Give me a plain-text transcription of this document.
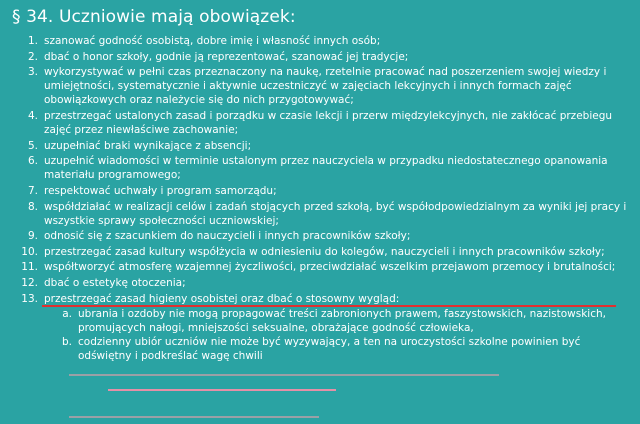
§ 34. Uczniowie mają obowiązek:
1. szanować godność osobistą, dobre imię i własność innych osób;
2. dbać o honor szkoły, godnie ją reprezentować, szanować jej tradycje;
3. wykorzystywać w pełni czas przeznaczony na naukę, rzetelnie pracować nad poszerzeniem swojej wiedzy i umiejętności, systematycznie i aktywnie uczestniczyć w zajęciach lekcyjnych i innych formach zajęć obowiązkowych oraz należycie się do nich przygotowywać;
4. przestrzegać ustalonych zasad i porządku w czasie lekcji i przerw międzylekcyjnych, nie zakłócać przebiegu zajęć przez niewłaściwe zachowanie;
5. uzupełniać braki wynikające z absencji;
6. uzupełnić wiadomości w terminie ustalonym przez nauczyciela w przypadku niedostatecznego opanowania materiału programowego;
7. respektować uchwały i program samorządu;
8. współdziałać w realizacji celów i zadań stojących przed szkołą, być współodpowiedzialnym za wyniki jej pracy i wszystkie sprawy społeczności uczniowskiej;
9. odnosić się z szacunkiem do nauczycieli i innych pracowników szkoły;
10. przestrzegać zasad kultury współżycia w odniesieniu do kolegów, nauczycieli i innych pracowników szkoły;
11. współtworzyć atmosferę wzajemnej życzliwości, przeciwdziałać wszelkim przejawom przemocy i brutalności;
12. dbać o estetykę otoczenia;
13. przestrzegać zasad higieny osobistej oraz dbać o stosowny wygląd:
a. ubrania i ozdoby nie mogą propagować treści zabronionych prawem, faszystowskich, nazistowskich, promujących nałogi, mniejszości seksualne, obrażające godność człowieka,
b. codzienny ubiór uczniów nie może być wyzywający, a ten na uroczystości szkolne powinien być odświętny i podkreślać wagę chwili
